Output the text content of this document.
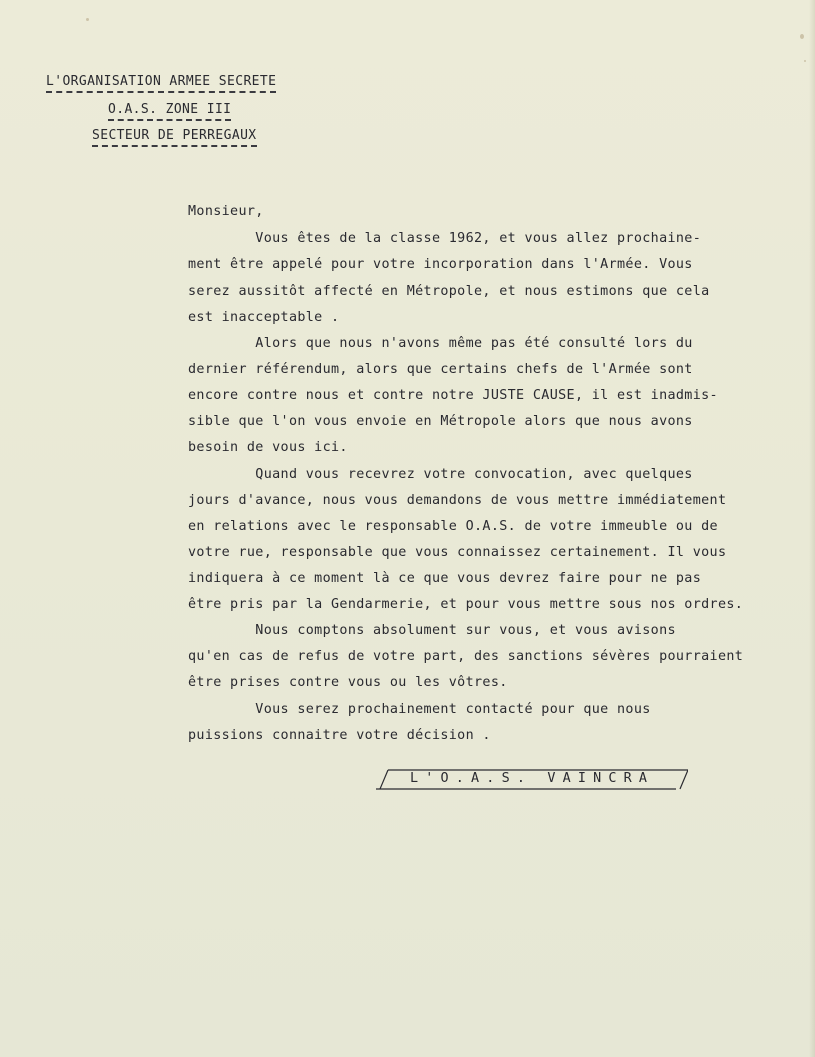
L'ORGANISATION ARMEE SECRETE
O.A.S. ZONE III
SECTEUR DE PERREGAUX
Monsieur,
Vous êtes de la classe 1962, et vous allez prochaine-
ment être appelé pour votre incorporation dans l'Armée. Vous
serez aussitôt affecté en Métropole, et nous estimons que cela
est inacceptable .
Alors que nous n'avons même pas été consulté lors du
dernier référendum, alors que certains chefs de l'Armée sont
encore contre nous et contre notre JUSTE CAUSE, il est inadmis-
sible que l'on vous envoie en Métropole alors que nous avons
besoin de vous ici.
Quand vous recevrez votre convocation, avec quelques
jours d'avance, nous vous demandons de vous mettre immédiatement
en relations avec le responsable O.A.S. de votre immeuble ou de
votre rue, responsable que vous connaissez certainement. Il vous
indiquera à ce moment là ce que vous devrez faire pour ne pas
être pris par la Gendarmerie, et pour vous mettre sous nos ordres.
Nous comptons absolument sur vous, et vous avisons
qu'en cas de refus de votre part, des sanctions sévères pourraient
être prises contre vous ou les vôtres.
Vous serez prochainement contacté pour que nous
puissions connaitre votre décision .
L'O.A.S. VAINCRA
